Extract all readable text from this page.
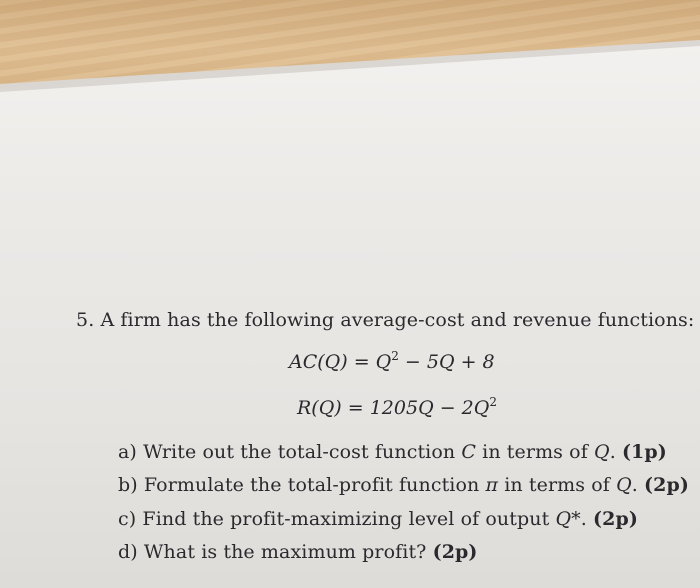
5. A firm has the following average-cost and revenue functions:
$AC(Q) = Q^2 - 5Q + 8$
$R(Q) = 1205Q - 2Q^2$
a) Write out the total-cost function C in terms of Q. (1p)
b) Formulate the total-profit function π in terms of Q. (2p)
c) Find the profit-maximizing level of output Q*. (2p)
d) What is the maximum profit? (2p)
